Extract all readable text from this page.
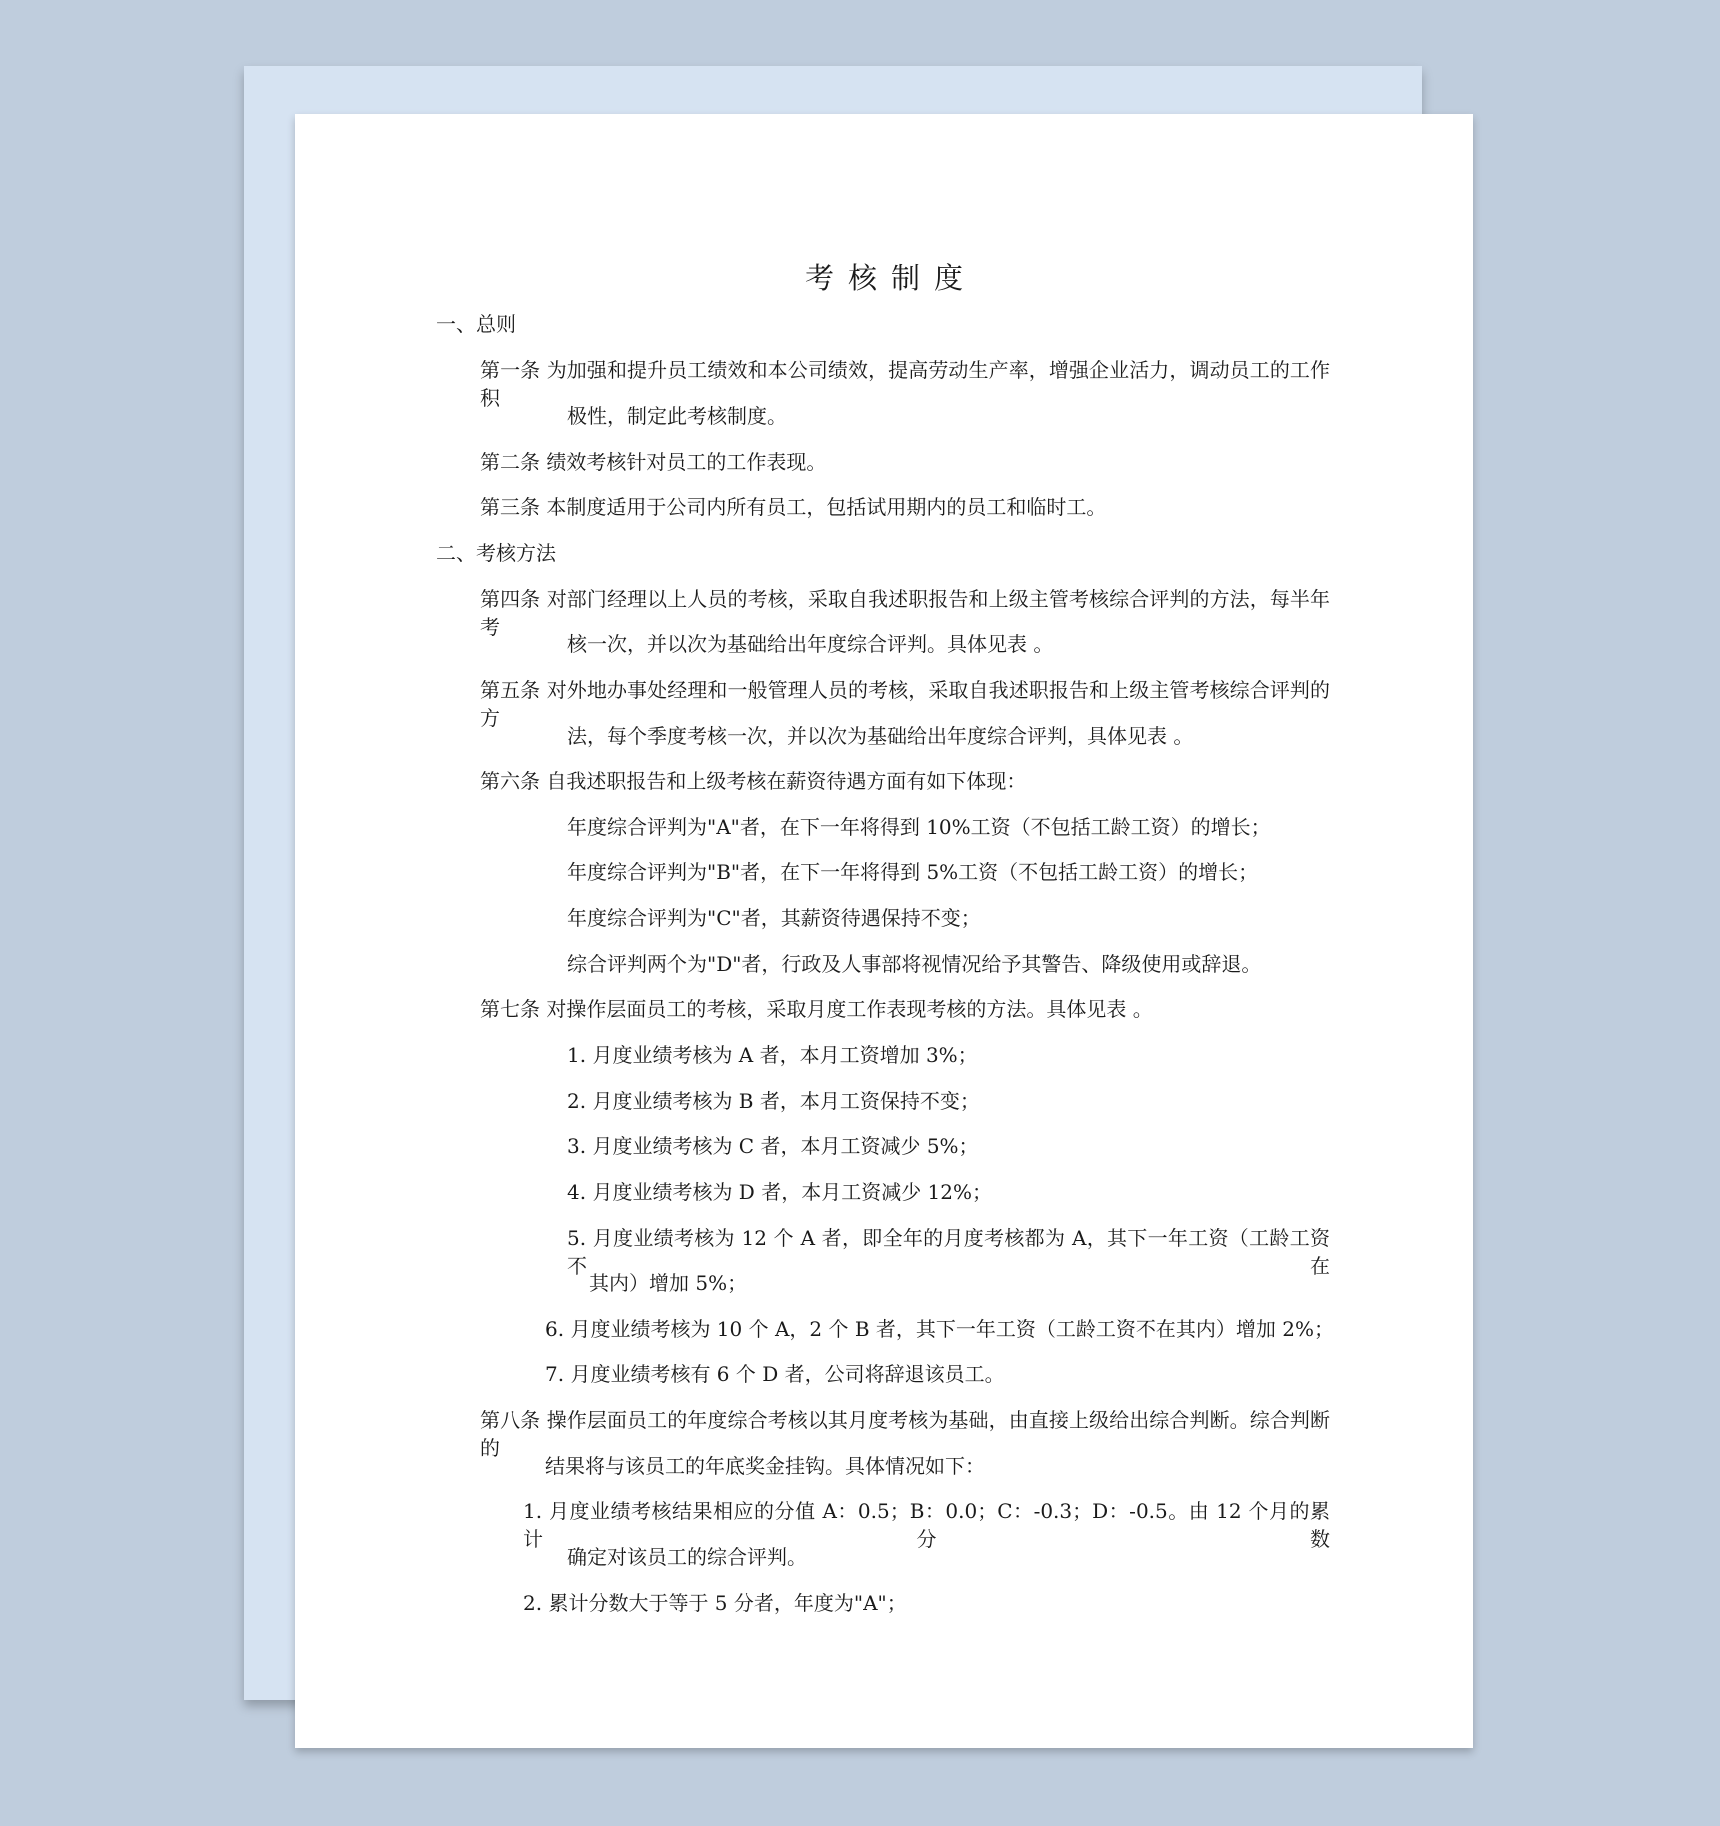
考核制度
一、总则
第一条 为加强和提升员工绩效和本公司绩效，提高劳动生产率，增强企业活力，调动员工的工作积
极性，制定此考核制度。
第二条 绩效考核针对员工的工作表现。
第三条 本制度适用于公司内所有员工，包括试用期内的员工和临时工。
二、考核方法
第四条 对部门经理以上人员的考核，采取自我述职报告和上级主管考核综合评判的方法，每半年考
核一次，并以次为基础给出年度综合评判。具体见表 。
第五条 对外地办事处经理和一般管理人员的考核，采取自我述职报告和上级主管考核综合评判的方
法，每个季度考核一次，并以次为基础给出年度综合评判，具体见表 。
第六条 自我述职报告和上级考核在薪资待遇方面有如下体现：
年度综合评判为"A"者，在下一年将得到 10%工资（不包括工龄工资）的增长；
年度综合评判为"B"者，在下一年将得到 5%工资（不包括工龄工资）的增长；
年度综合评判为"C"者，其薪资待遇保持不变；
综合评判两个为"D"者，行政及人事部将视情况给予其警告、降级使用或辞退。
第七条 对操作层面员工的考核，采取月度工作表现考核的方法。具体见表 。
1. 月度业绩考核为 A 者，本月工资增加 3%；
2. 月度业绩考核为 B 者，本月工资保持不变；
3. 月度业绩考核为 C 者，本月工资减少 5%；
4. 月度业绩考核为 D 者，本月工资减少 12%；
5. 月度业绩考核为 12 个 A 者，即全年的月度考核都为 A，其下一年工资（工龄工资不在
其内）增加 5%；
6. 月度业绩考核为 10 个 A，2 个 B 者，其下一年工资（工龄工资不在其内）增加 2%；
7. 月度业绩考核有 6 个 D 者，公司将辞退该员工。
第八条 操作层面员工的年度综合考核以其月度考核为基础，由直接上级给出综合判断。综合判断的
结果将与该员工的年底奖金挂钩。具体情况如下：
1. 月度业绩考核结果相应的分值 A：0.5；B：0.0；C：-0.3；D：-0.5。由 12 个月的累计分数
确定对该员工的综合评判。
2. 累计分数大于等于 5 分者，年度为"A"；
